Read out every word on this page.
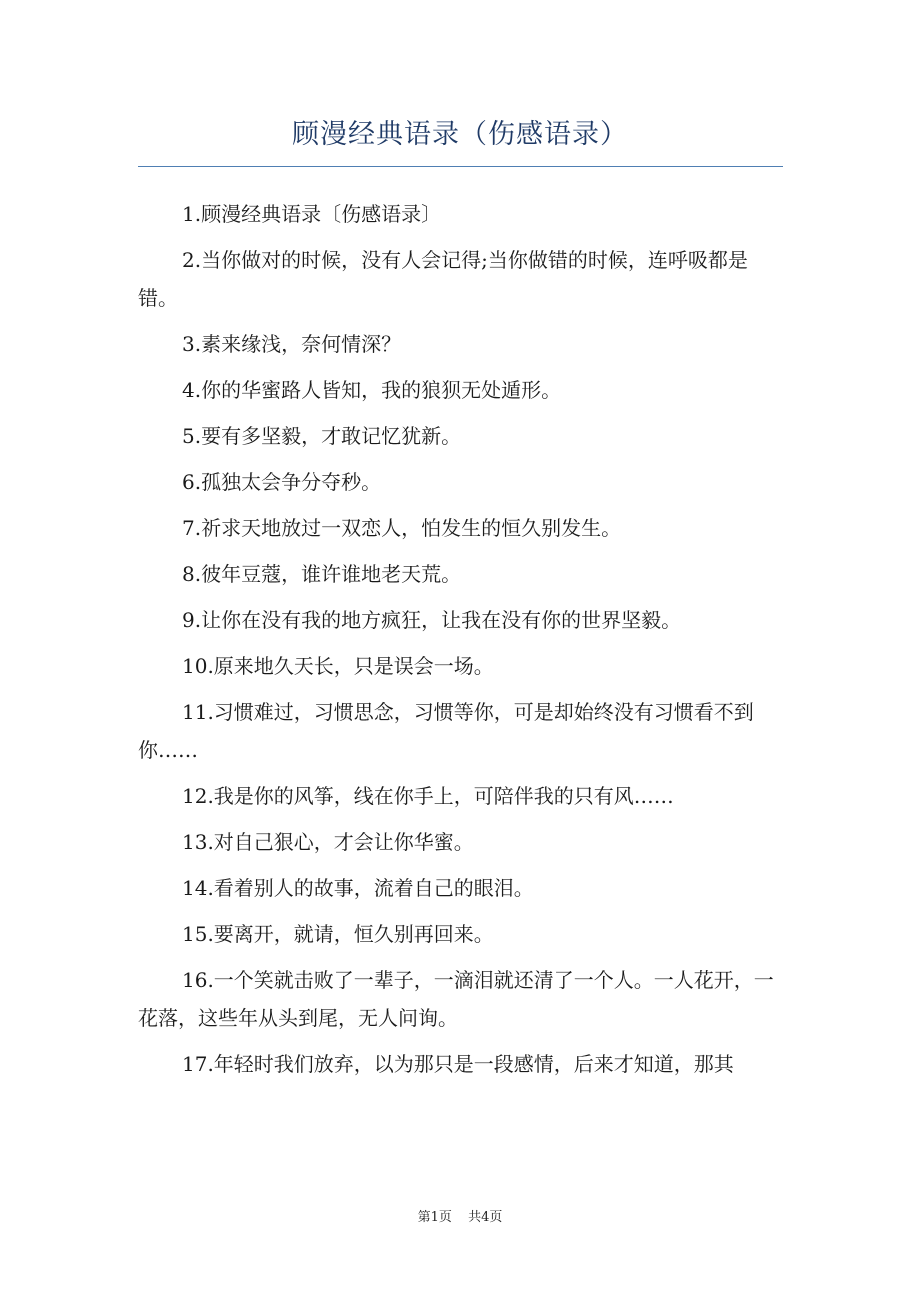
顾漫经典语录（伤感语录）

1.顾漫经典语录〔伤感语录〕

2.当你做对的时候，没有人会记得;当你做错的时候，连呼吸都是错。

3.素来缘浅，奈何情深？

4.你的华蜜路人皆知，我的狼狈无处遁形。

5.要有多坚毅，才敢记忆犹新。

6.孤独太会争分夺秒。

7.祈求天地放过一双恋人，怕发生的恒久别发生。

8.彼年豆蔻，谁许谁地老天荒。

9.让你在没有我的地方疯狂，让我在没有你的世界坚毅。

10.原来地久天长，只是误会一场。

11.习惯难过，习惯思念，习惯等你，可是却始终没有习惯看不到你……

12.我是你的风筝，线在你手上，可陪伴我的只有风……

13.对自己狠心，才会让你华蜜。

14.看着别人的故事，流着自己的眼泪。

15.要离开，就请，恒久别再回来。

16.一个笑就击败了一辈子，一滴泪就还清了一个人。一人花开，一花落，这些年从头到尾，无人问询。

17.年轻时我们放弃，以为那只是一段感情，后来才知道，那其

第1页 共4页
